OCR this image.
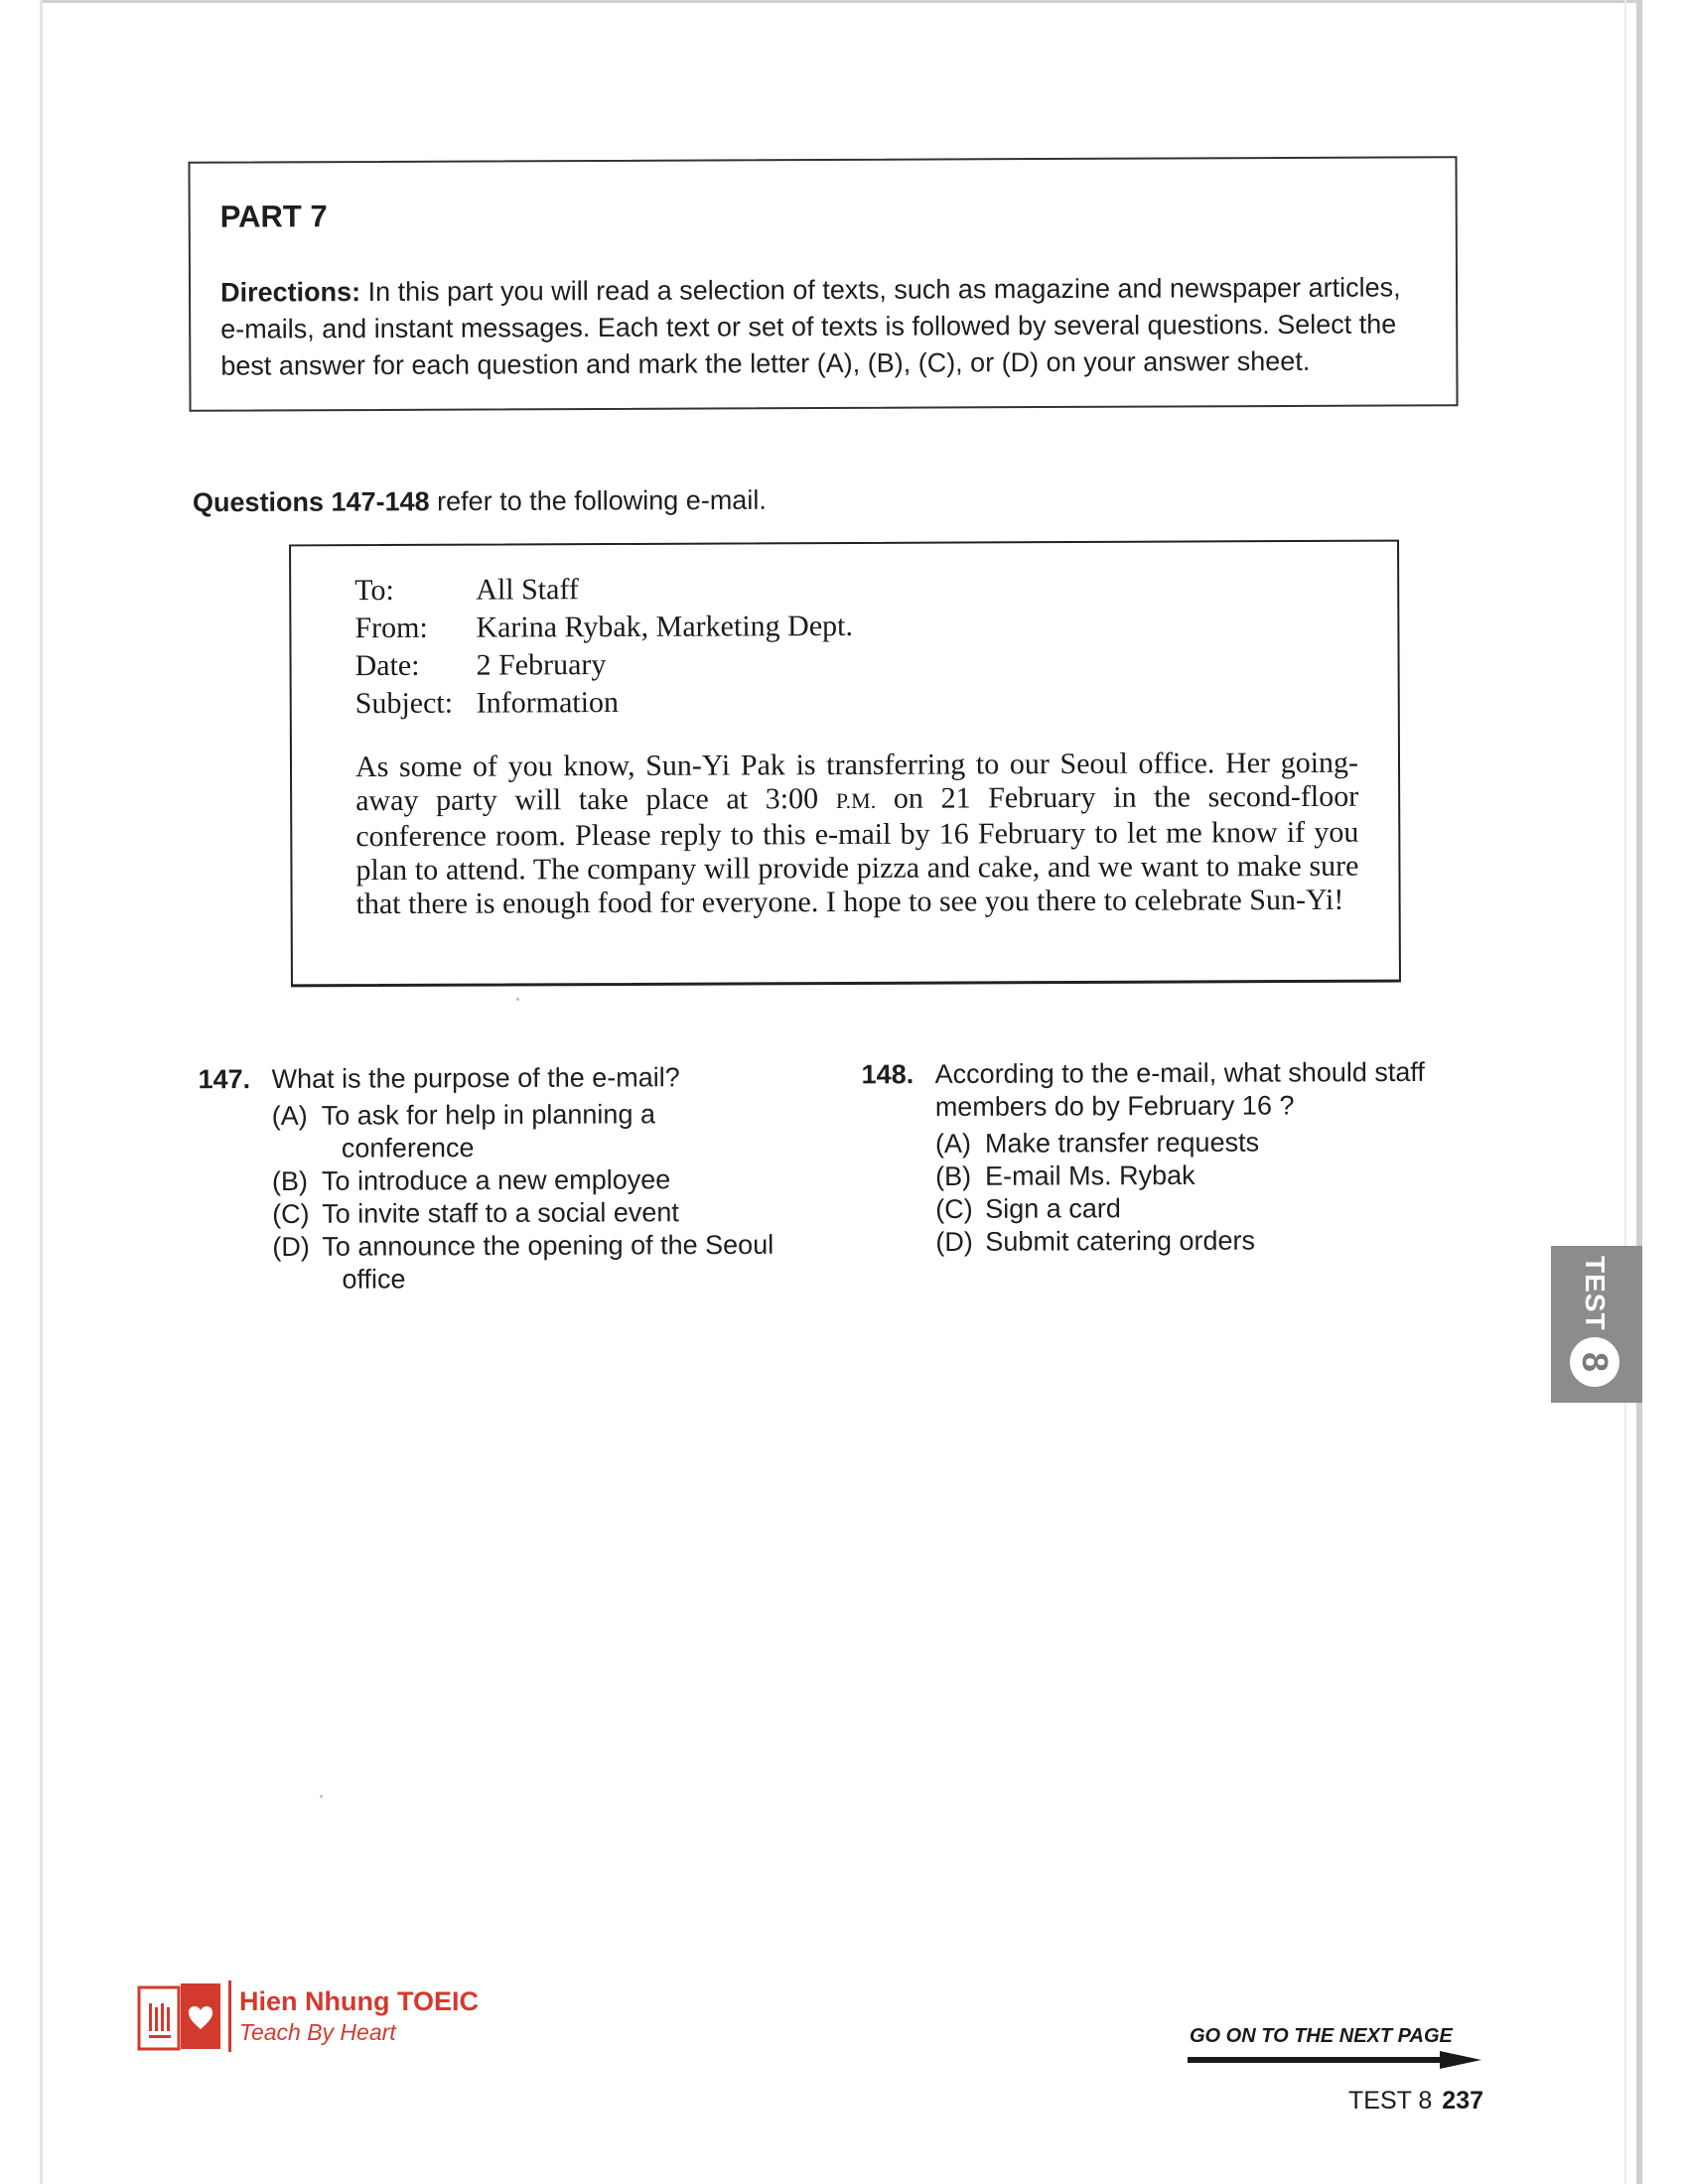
PART 7

Directions: In this part you will read a selection of texts, such as magazine and newspaper articles, e-mails, and instant messages. Each text or set of texts is followed by several questions. Select the best answer for each question and mark the letter (A), (B), (C), or (D) on your answer sheet.

Questions 147-148 refer to the following e-mail.
To:	All Staff
From:	Karina Rybak, Marketing Dept.
Date:	2 February
Subject: Information
As some of you know, Sun-Yi Pak is transferring to our Seoul office. Her going-away party will take place at 3:00 P.M. on 21 February in the second-floor conference room. Please reply to this e-mail by 16 February to let me know if you plan to attend. The company will provide pizza and cake, and we want to make sure that there is enough food for everyone. I hope to see you there to celebrate Sun-Yi!
147. What is the purpose of the e-mail?
(A) To ask for help in planning a
conference
(B) To introduce a new employee
(C) To invite staff to a social event
(D) To announce the opening of the Seoul
office
148. According to the e-mail, what should staff members do by February 16 ?
(A) Make transfer requests
(B) E-mail Ms. Rybak
(C) Sign a card
(D) Submit catering orders
TEST
8
Hien Nhung TOEIC
Teach By Heart	GO ON TO THE NEXT PAGE
TEST 8 237
